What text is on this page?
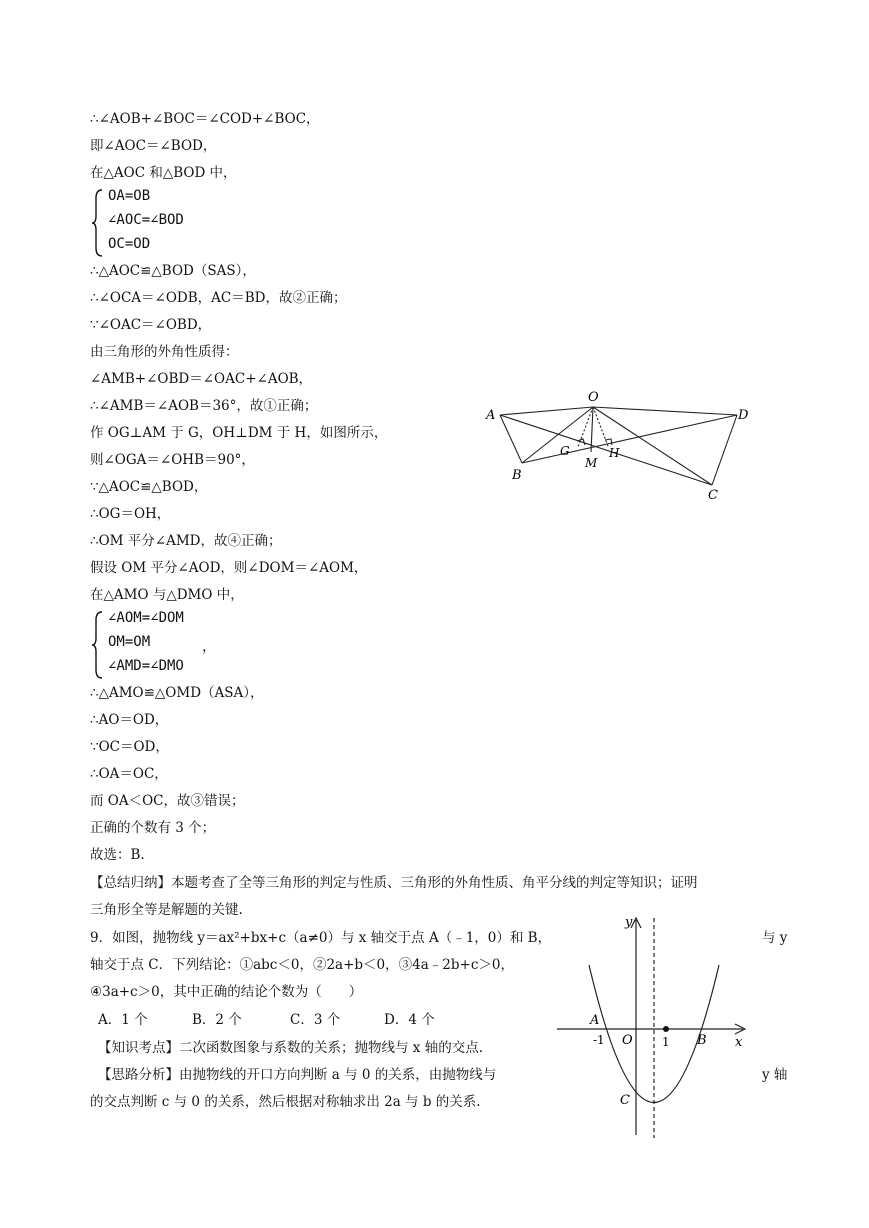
∴∠AOB+∠BOC＝∠COD+∠BOC，
即∠AOC＝∠BOD，
在△AOC 和△BOD 中，
OA=OB
∠AOC=∠BOD
OC=OD
∴△AOC≌△BOD（SAS），
∴∠OCA＝∠ODB，AC＝BD，故②正确；
∵∠OAC＝∠OBD，
由三角形的外角性质得：
∠AMB+∠OBD＝∠OAC+∠AOB，
∴∠AMB＝∠AOB＝36°，故①正确；
作 OG⊥AM 于 G，OH⊥DM 于 H，如图所示，
则∠OGA＝∠OHB＝90°，
∵△AOC≌△BOD，
∴OG＝OH，
∴OM 平分∠AMD，故④正确；
假设 OM 平分∠AOD，则∠DOM＝∠AOM，
在△AMO 与△DMO 中，
∠AOM=∠DOM
OM=OM
∠AMD=∠DMO
，
∴△AMO≌△OMD（ASA），
∴AO＝OD，
∵OC＝OD，
∴OA＝OC，
而 OA＜OC，故③错误；
正确的个数有 3 个；
故选：B.
【总结归纳】本题考查了全等三角形的判定与性质、三角形的外角性质、角平分线的判定等知识；证明
三角形全等是解题的关键.
9．如图，抛物线 y＝ax²+bx+c（a≠0）与 x 轴交于点 A（﹣1，0）和 B，	与 y
轴交于点 C．下列结论：①abc＜0，②2a+b＜0，③4a﹣2b+c＞0，
④3a+c＞0，其中正确的结论个数为（　　）
A．1 个	B．2 个	C．3 个	D．4 个
【知识考点】二次函数图象与系数的关系；抛物线与 x 轴的交点.
【思路分析】由抛物线的开口方向判断 a 与 0 的关系，由抛物线与	y 轴
的交点判断 c 与 0 的关系，然后根据对称轴求出 2a 与 b 的关系.
A
O
D
B
C
G
M
H
y
x
A
-1 O 1 B
C
